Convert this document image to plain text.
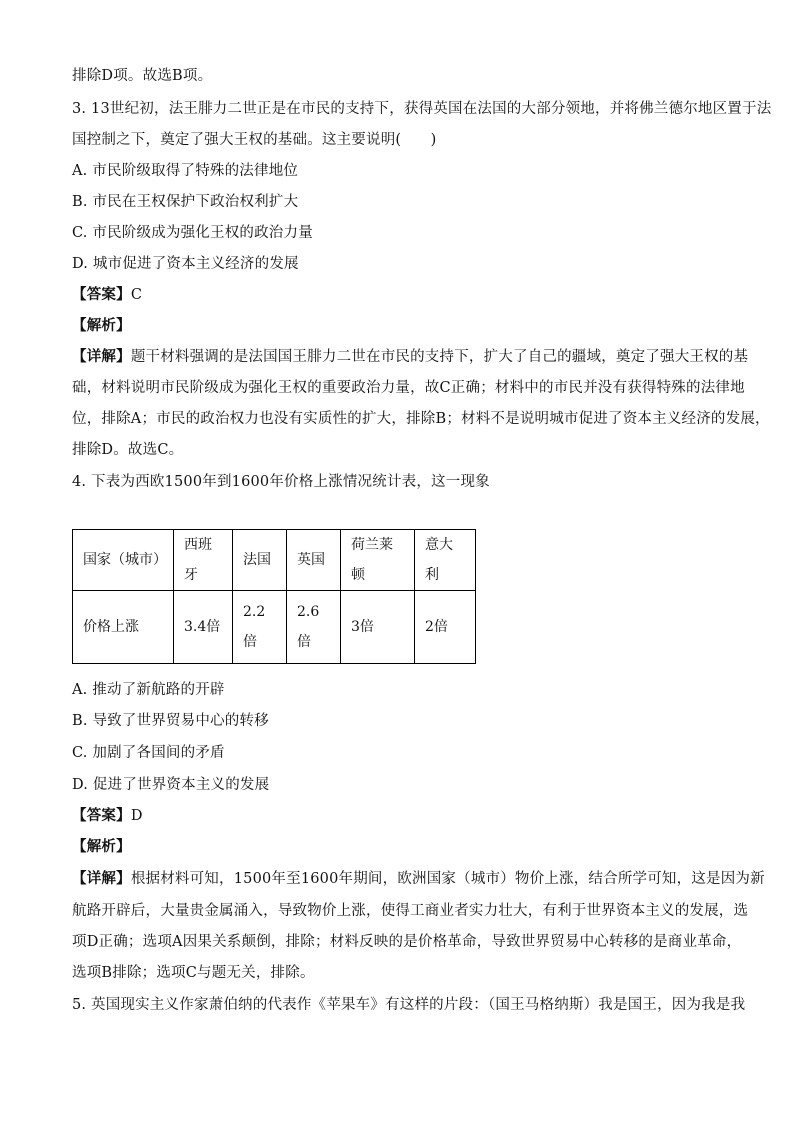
排除D项。故选B项。
3. 13世纪初，法王腓力二世正是在市民的支持下，获得英国在法国的大部分领地，并将佛兰德尔地区置于法
国控制之下，奠定了强大王权的基础。这主要说明(　　)
A. 市民阶级取得了特殊的法律地位
B. 市民在王权保护下政治权利扩大
C. 市民阶级成为强化王权的政治力量
D. 城市促进了资本主义经济的发展
【答案】C
【解析】
【详解】题干材料强调的是法国国王腓力二世在市民的支持下，扩大了自己的疆域，奠定了强大王权的基
础，材料说明市民阶级成为强化王权的重要政治力量，故C正确；材料中的市民并没有获得特殊的法律地
位，排除A；市民的政治权力也没有实质性的扩大，排除B；材料不是说明城市促进了资本主义经济的发展，
排除D。故选C。
4. 下表为西欧1500年到1600年价格上涨情况统计表，这一现象
国家（城市）	西班牙	法国	英国	荷兰莱顿	意大利
价格上涨	3.4倍	2.2倍	2.6倍	3倍	2倍
A. 推动了新航路的开辟
B. 导致了世界贸易中心的转移
C. 加剧了各国间的矛盾
D. 促进了世界资本主义的发展
【答案】D
【解析】
【详解】根据材料可知，1500年至1600年期间，欧洲国家（城市）物价上涨，结合所学可知，这是因为新
航路开辟后，大量贵金属涌入，导致物价上涨，使得工商业者实力壮大，有利于世界资本主义的发展，选
项D正确；选项A因果关系颠倒，排除；材料反映的是价格革命，导致世界贸易中心转移的是商业革命，
选项B排除；选项C与题无关，排除。
5. 英国现实主义作家萧伯纳的代表作《苹果车》有这样的片段：（国王马格纳斯）我是国王，因为我是我
